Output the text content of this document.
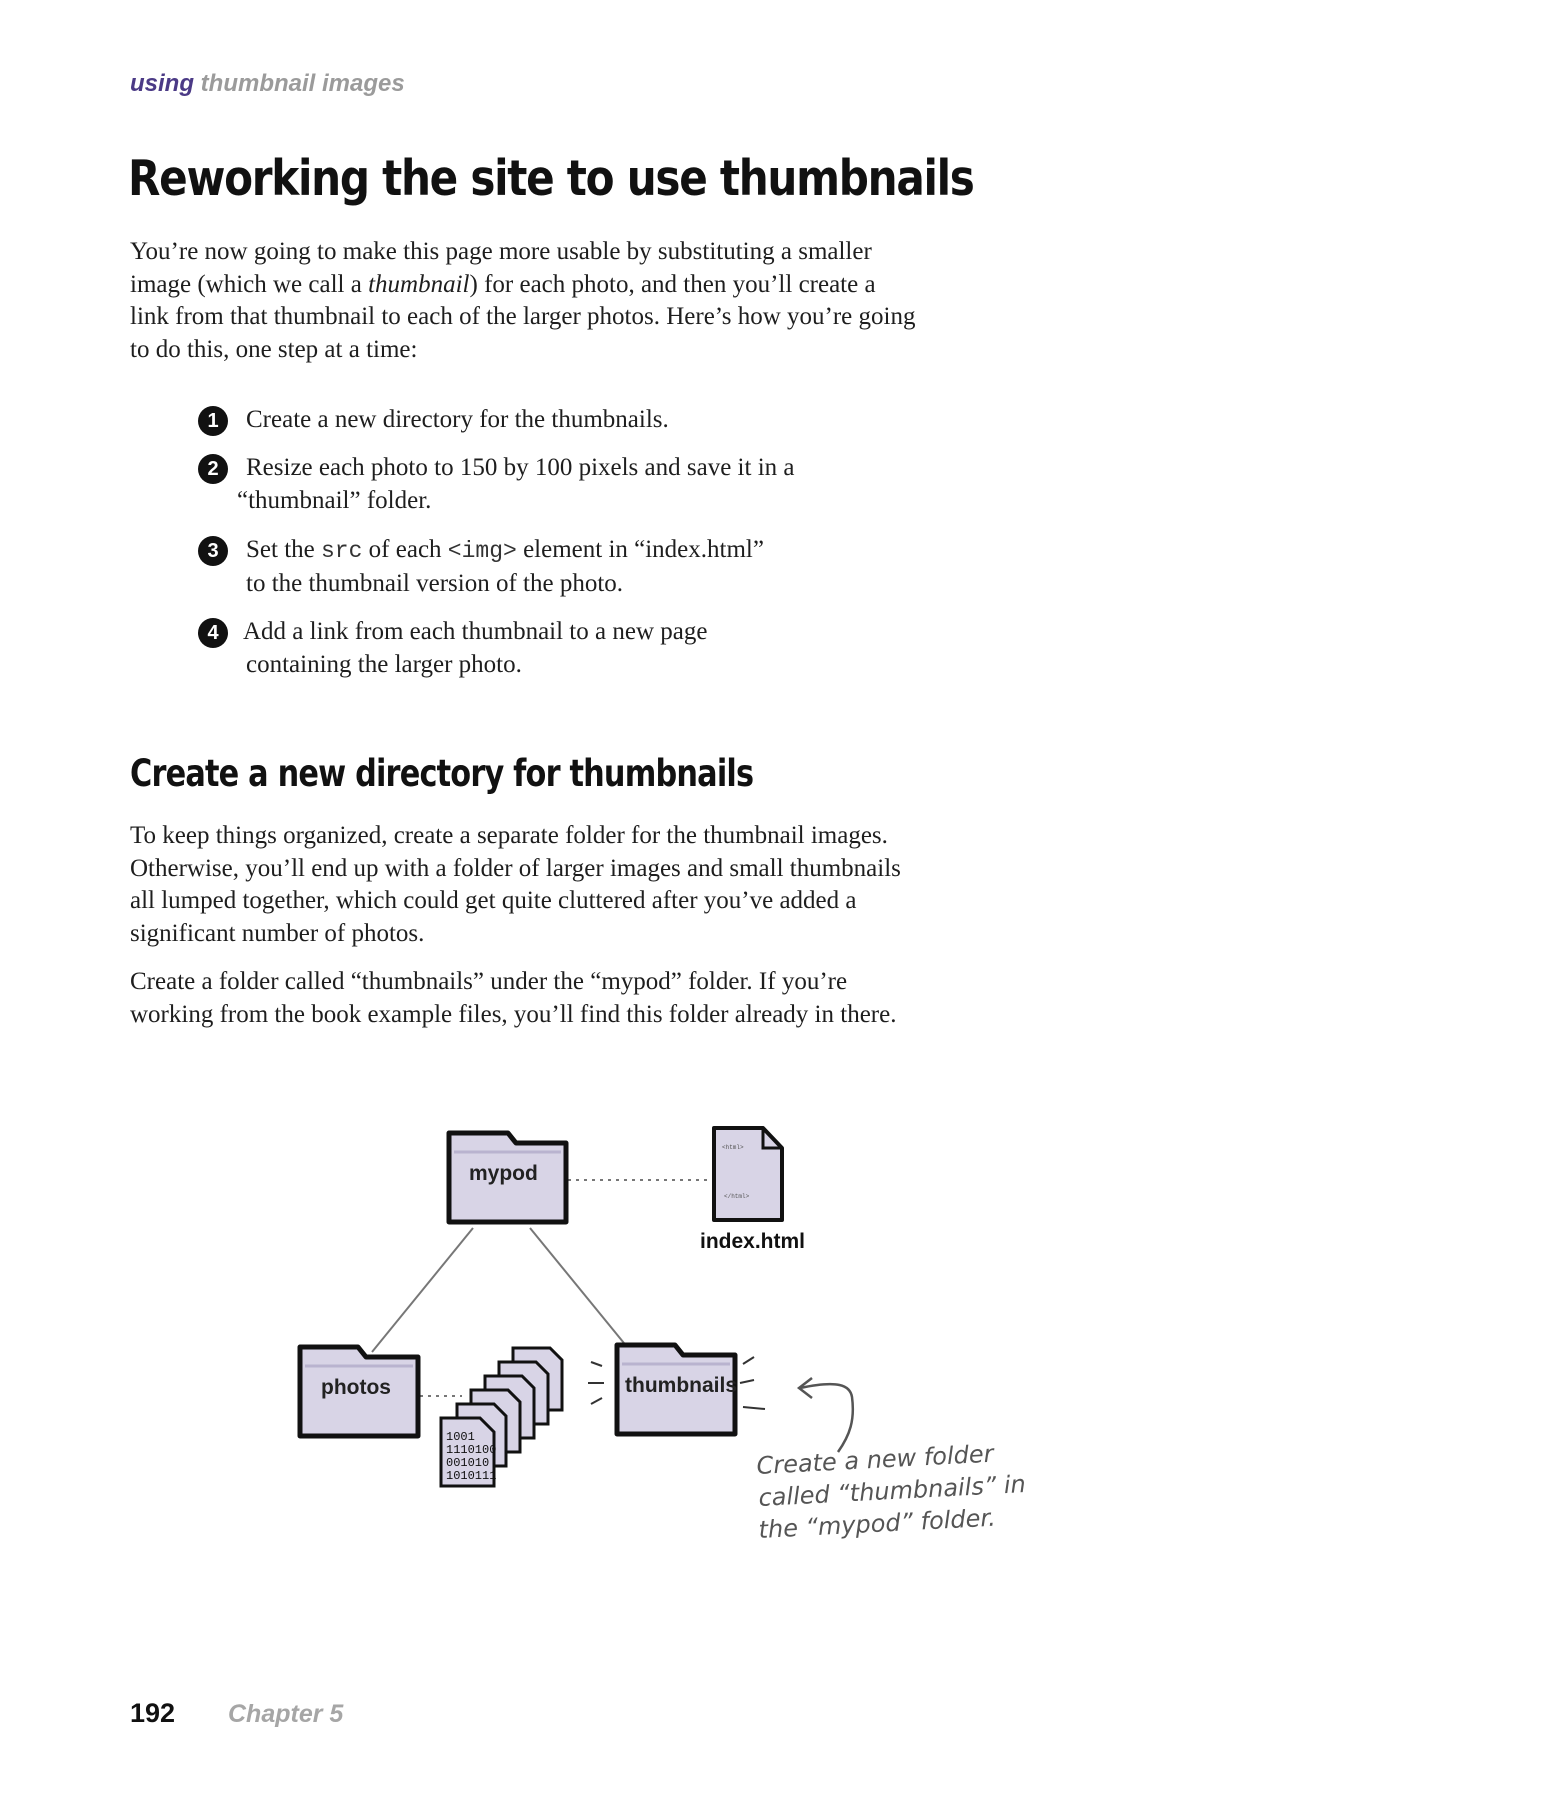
using thumbnail images
Reworking the site to use thumbnails

You’re now going to make this page more usable by substituting a smaller image (which we call a thumbnail) for each photo, and then you’ll create a link from that thumbnail to each of the larger photos. Here’s how you’re going to do this, one step at a time:

1	Create a new directory for the thumbnails.
2	Resize each photo to 150 by 100 pixels and save it in a
“thumbnail” folder.
3	Set the src of each <img> element in “index.html”
to the thumbnail version of the photo.
4 Add a link from each thumbnail to a new page
containing the larger photo.
Create a new directory for thumbnails

To keep things organized, create a separate folder for the thumbnail images. Otherwise, you’ll end up with a folder of larger images and small thumbnails all lumped together, which could get quite cluttered after you’ve added a significant number of photos.

Create a folder called “thumbnails” under the “mypod” folder. If you’re working from the book example files, you’ll find this folder already in there.

mypod
<html>
</html>
index.html
photos
1001
1110100
001010
1010111
thumbnails
Create a new folder
called “thumbnails” in
the “mypod” folder.
192 Chapter 5
